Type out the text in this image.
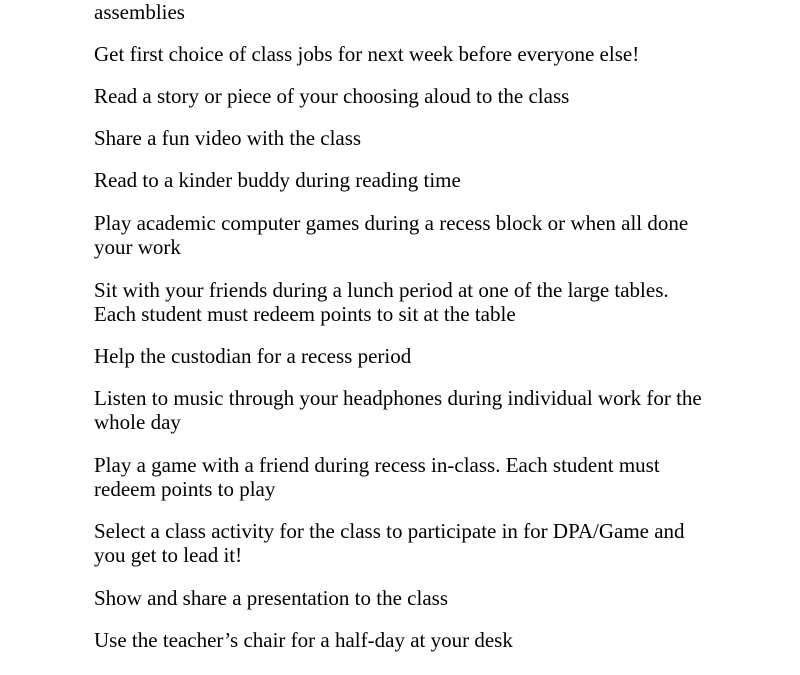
assemblies

Get first choice of class jobs for next week before everyone else!

Read a story or piece of your choosing aloud to the class

Share a fun video with the class

Read to a kinder buddy during reading time

Play academic computer games during a recess block or when all done
your work

Sit with your friends during a lunch period at one of the large tables.
Each student must redeem points to sit at the table

Help the custodian for a recess period

Listen to music through your headphones during individual work for the
whole day

Play a game with a friend during recess in-class. Each student must
redeem points to play

Select a class activity for the class to participate in for DPA/Game and
you get to lead it!

Show and share a presentation to the class

Use the teacher’s chair for a half-day at your desk
